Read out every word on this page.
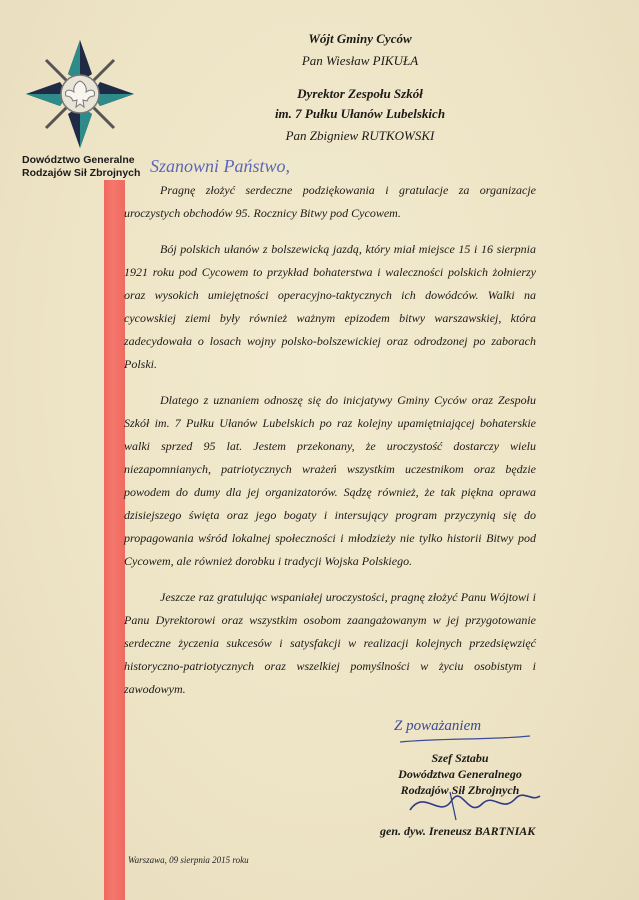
Dowództwo Generalne
Rodzajów Sił Zbrojnych

Wójt Gminy Cyców

Pan Wiesław PIKUŁA

Dyrektor Zespołu Szkół

im. 7 Pułku Ułanów Lubelskich

Pan Zbigniew RUTKOWSKI

Szanowni Państwo,

Pragnę złożyć serdeczne podziękowania i gratulacje za organizacje uroczystych obchodów 95. Rocznicy Bitwy pod Cycowem.

Bój polskich ułanów z bolszewicką jazdą, który miał miejsce 15 i 16 sierpnia 1921 roku pod Cycowem to przykład bohaterstwa i waleczności polskich żołnierzy oraz wysokich umiejętności operacyjno-taktycznych ich dowódców. Walki na cycowskiej ziemi były również ważnym epizodem bitwy warszawskiej, która zadecydowała o losach wojny polsko-bolszewickiej oraz odrodzonej po zaborach Polski.

Dlatego z uznaniem odnoszę się do inicjatywy Gminy Cyców oraz Zespołu Szkół im. 7 Pułku Ułanów Lubelskich po raz kolejny upamiętniającej bohaterskie walki sprzed 95 lat. Jestem przekonany, że uroczystość dostarczy wielu niezapomnianych, patriotycznych wrażeń wszystkim uczestnikom oraz będzie powodem do dumy dla jej organizatorów. Sądzę również, że tak piękna oprawa dzisiejszego święta oraz jego bogaty i intersujący program przyczynią się do propagowania wśród lokalnej społeczności i młodzieży nie tylko historii Bitwy pod Cycowem, ale również dorobku i tradycji Wojska Polskiego.

Jeszcze raz gratulując wspaniałej uroczystości, pragnę złożyć Panu Wójtowi i Panu Dyrektorowi oraz wszystkim osobom zaangażowanym w jej przygotowanie serdeczne życzenia sukcesów i satysfakcji w realizacji kolejnych przedsięwzięć historyczno-patriotycznych oraz wszelkiej pomyślności w życiu osobistym i zawodowym.

Z poważaniem
Szef Sztabu
Dowództwa Generalnego
Rodzajów Sił Zbrojnych
gen. dyw. Ireneusz BARTNIAK
Warszawa, 09 sierpnia 2015 roku
